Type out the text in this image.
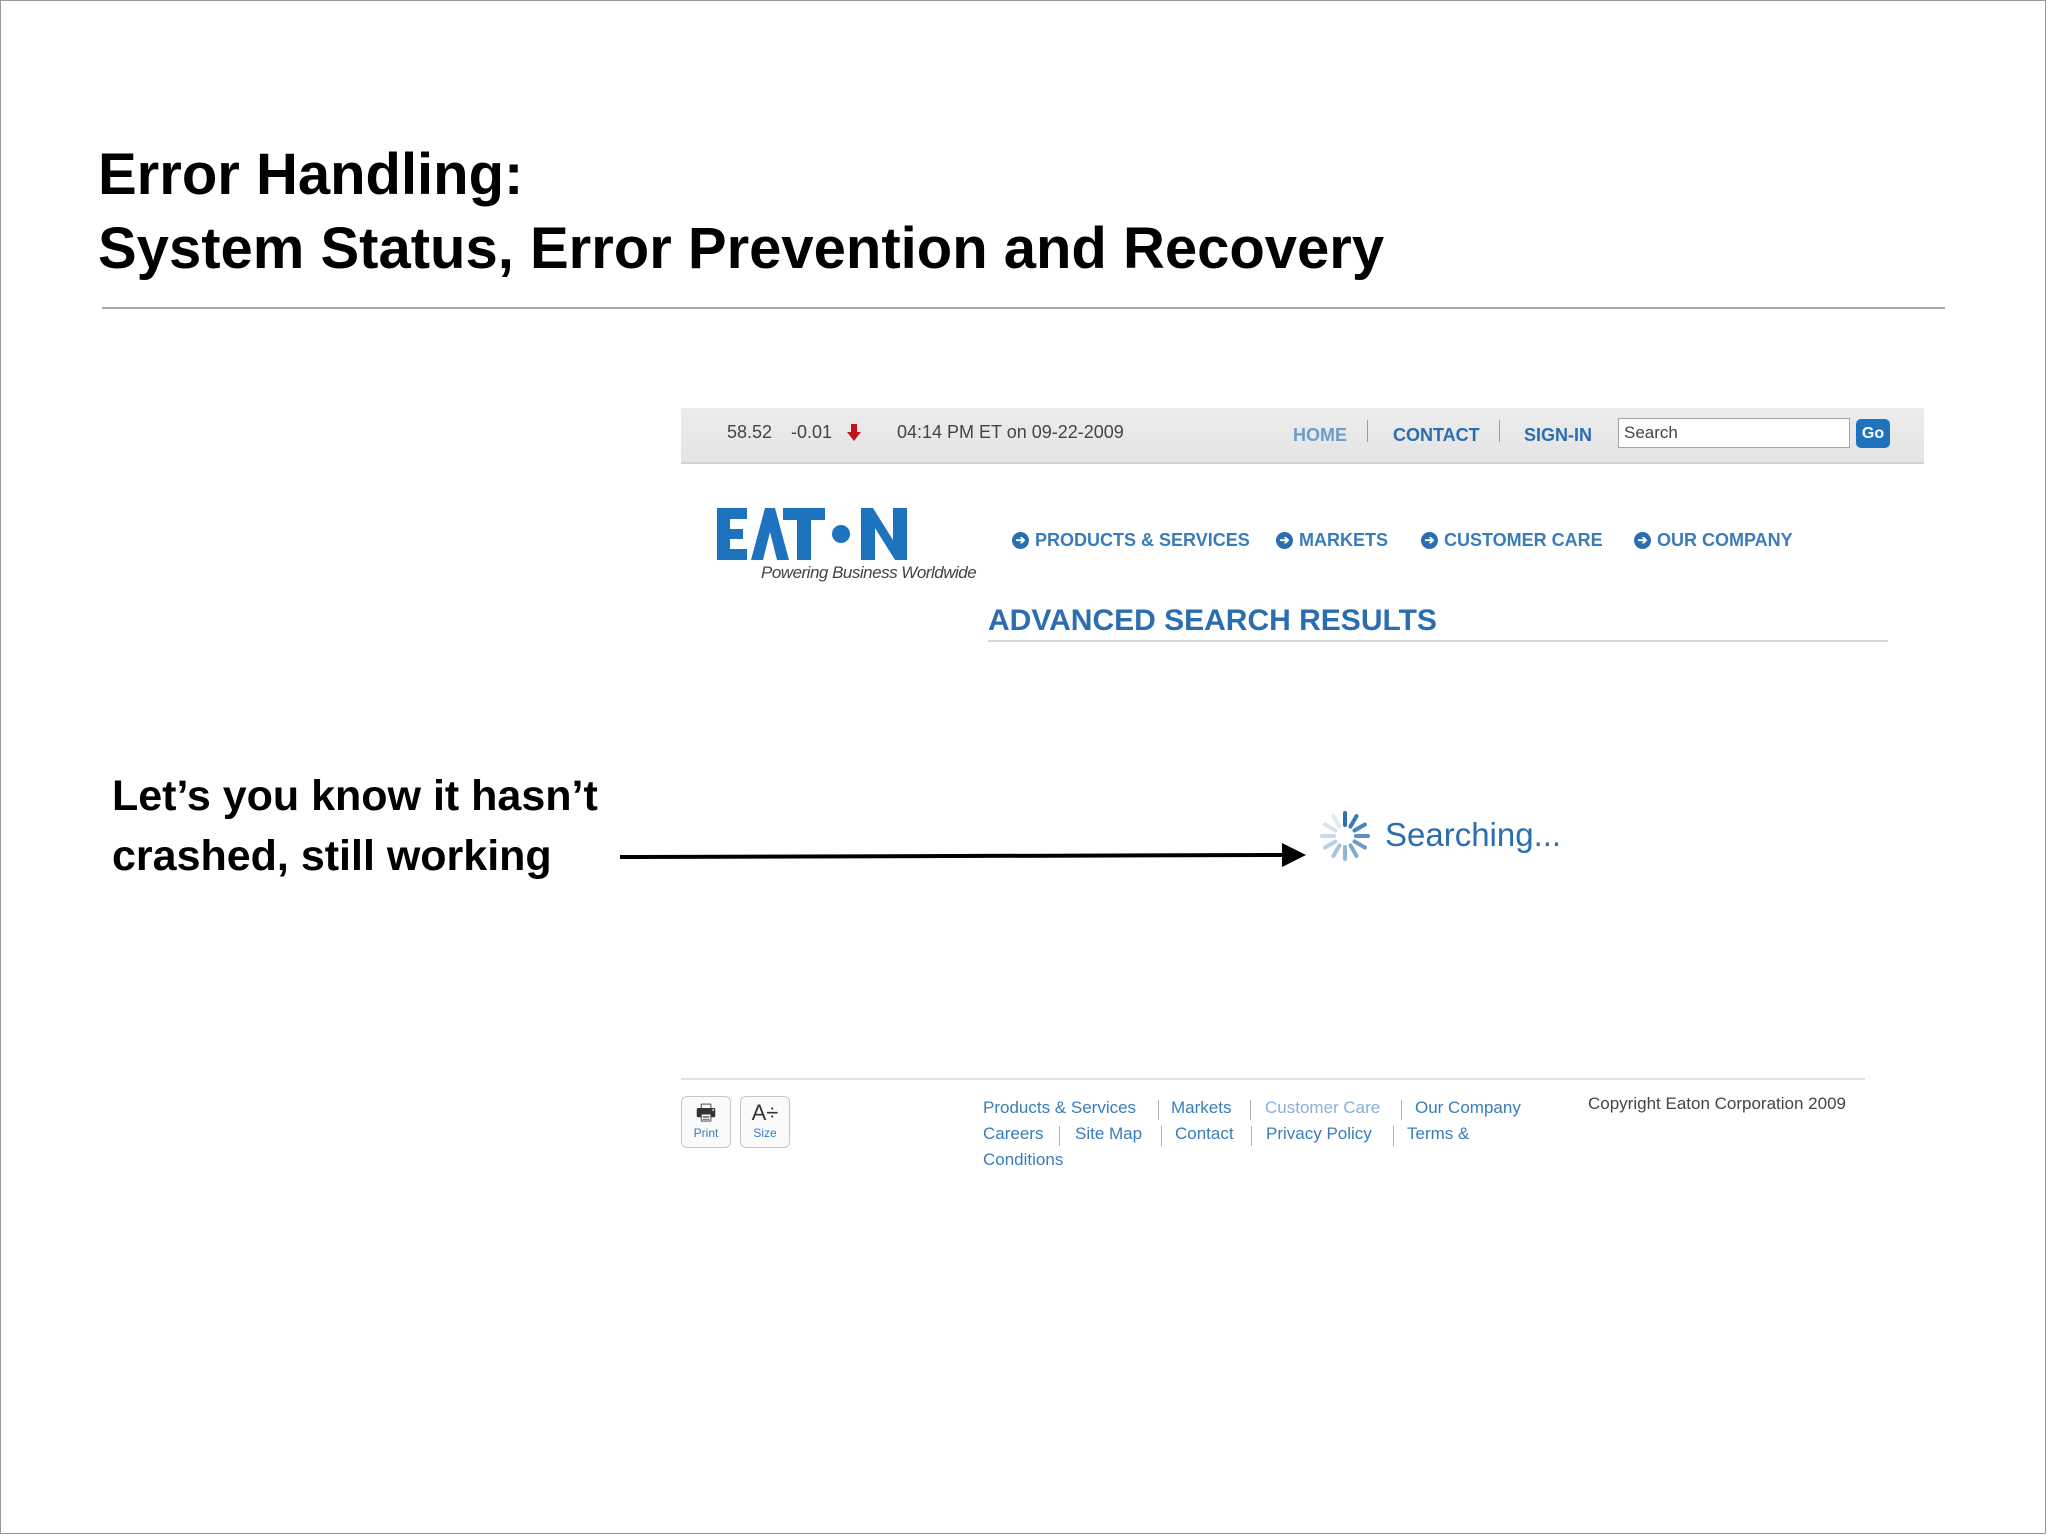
Error Handling:
System Status, Error Prevention and Recovery
58.52 -0.01	04:14 PM ET on 09-22-2009	HOME	CONTACT SIGN-IN
Search	Go
Powering Business Worldwide
➔ PRODUCTS & SERVICES ➔ MARKETS	➔ CUSTOMER CARE	➔ OUR COMPANY
ADVANCED SEARCH RESULTS
Searching...
🖶
Print
A÷
Size
Products & Services Markets Customer Care Our Company
Careers Site Map Contact Privacy Policy Terms &
Conditions
Copyright Eaton Corporation 2009
Let’s you know it hasn’t
crashed, still working
